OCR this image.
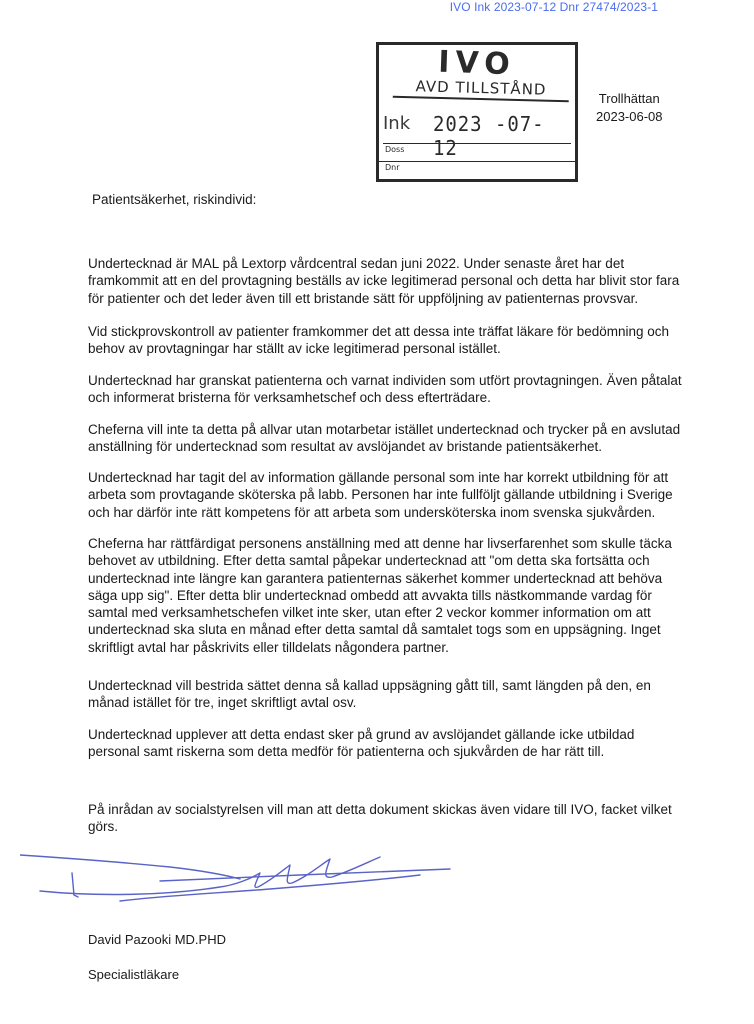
IVO Ink 2023-07-12 Dnr 27474/2023-1
IVO
AVD TILLSTÅND
Ink 2023 -07- 12
Doss
Dnr
Trollhättan
2023-06-08
Patientsäkerhet, riskindivid:

Undertecknad är MAL på Lextorp vårdcentral sedan juni 2022. Under senaste året har det framkommit att en del provtagning beställs av icke legitimerad personal och detta har blivit stor fara för patienter och det leder även till ett bristande sätt för uppföljning av patienternas provsvar.

Vid stickprovskontroll av patienter framkommer det att dessa inte träffat läkare för bedömning och behov av provtagningar har ställt av icke legitimerad personal istället.

Undertecknad har granskat patienterna och varnat individen som utfört provtagningen. Även påtalat och informerat bristerna för verksamhetschef och dess efterträdare.

Cheferna vill inte ta detta på allvar utan motarbetar istället undertecknad och trycker på en avslutad anställning för undertecknad som resultat av avslöjandet av bristande patientsäkerhet.

Undertecknad har tagit del av information gällande personal som inte har korrekt utbildning för att arbeta som provtagande sköterska på labb. Personen har inte fullföljt gällande utbildning i Sverige och har därför inte rätt kompetens för att arbeta som undersköterska inom svenska sjukvården.

Cheferna har rättfärdigat personens anställning med att denne har livserfarenhet som skulle täcka behovet av utbildning. Efter detta samtal påpekar undertecknad att "om detta ska fortsätta och undertecknad inte längre kan garantera patienternas säkerhet kommer undertecknad att behöva säga upp sig". Efter detta blir undertecknad ombedd att avvakta tills nästkommande vardag för samtal med verksamhetschefen vilket inte sker, utan efter 2 veckor kommer information om att undertecknad ska sluta en månad efter detta samtal då samtalet togs som en uppsägning. Inget skriftligt avtal har påskrivits eller tilldelats någondera partner.

Undertecknad vill bestrida sättet denna så kallad uppsägning gått till, samt längden på den, en månad istället för tre, inget skriftligt avtal osv.

Undertecknad upplever att detta endast sker på grund av avslöjandet gällande icke utbildad personal samt riskerna som detta medför för patienterna och sjukvården de har rätt till.

På inrådan av socialstyrelsen vill man att detta dokument skickas även vidare till IVO, facket vilket görs.

David Pazooki MD.PHD
Specialistläkare
